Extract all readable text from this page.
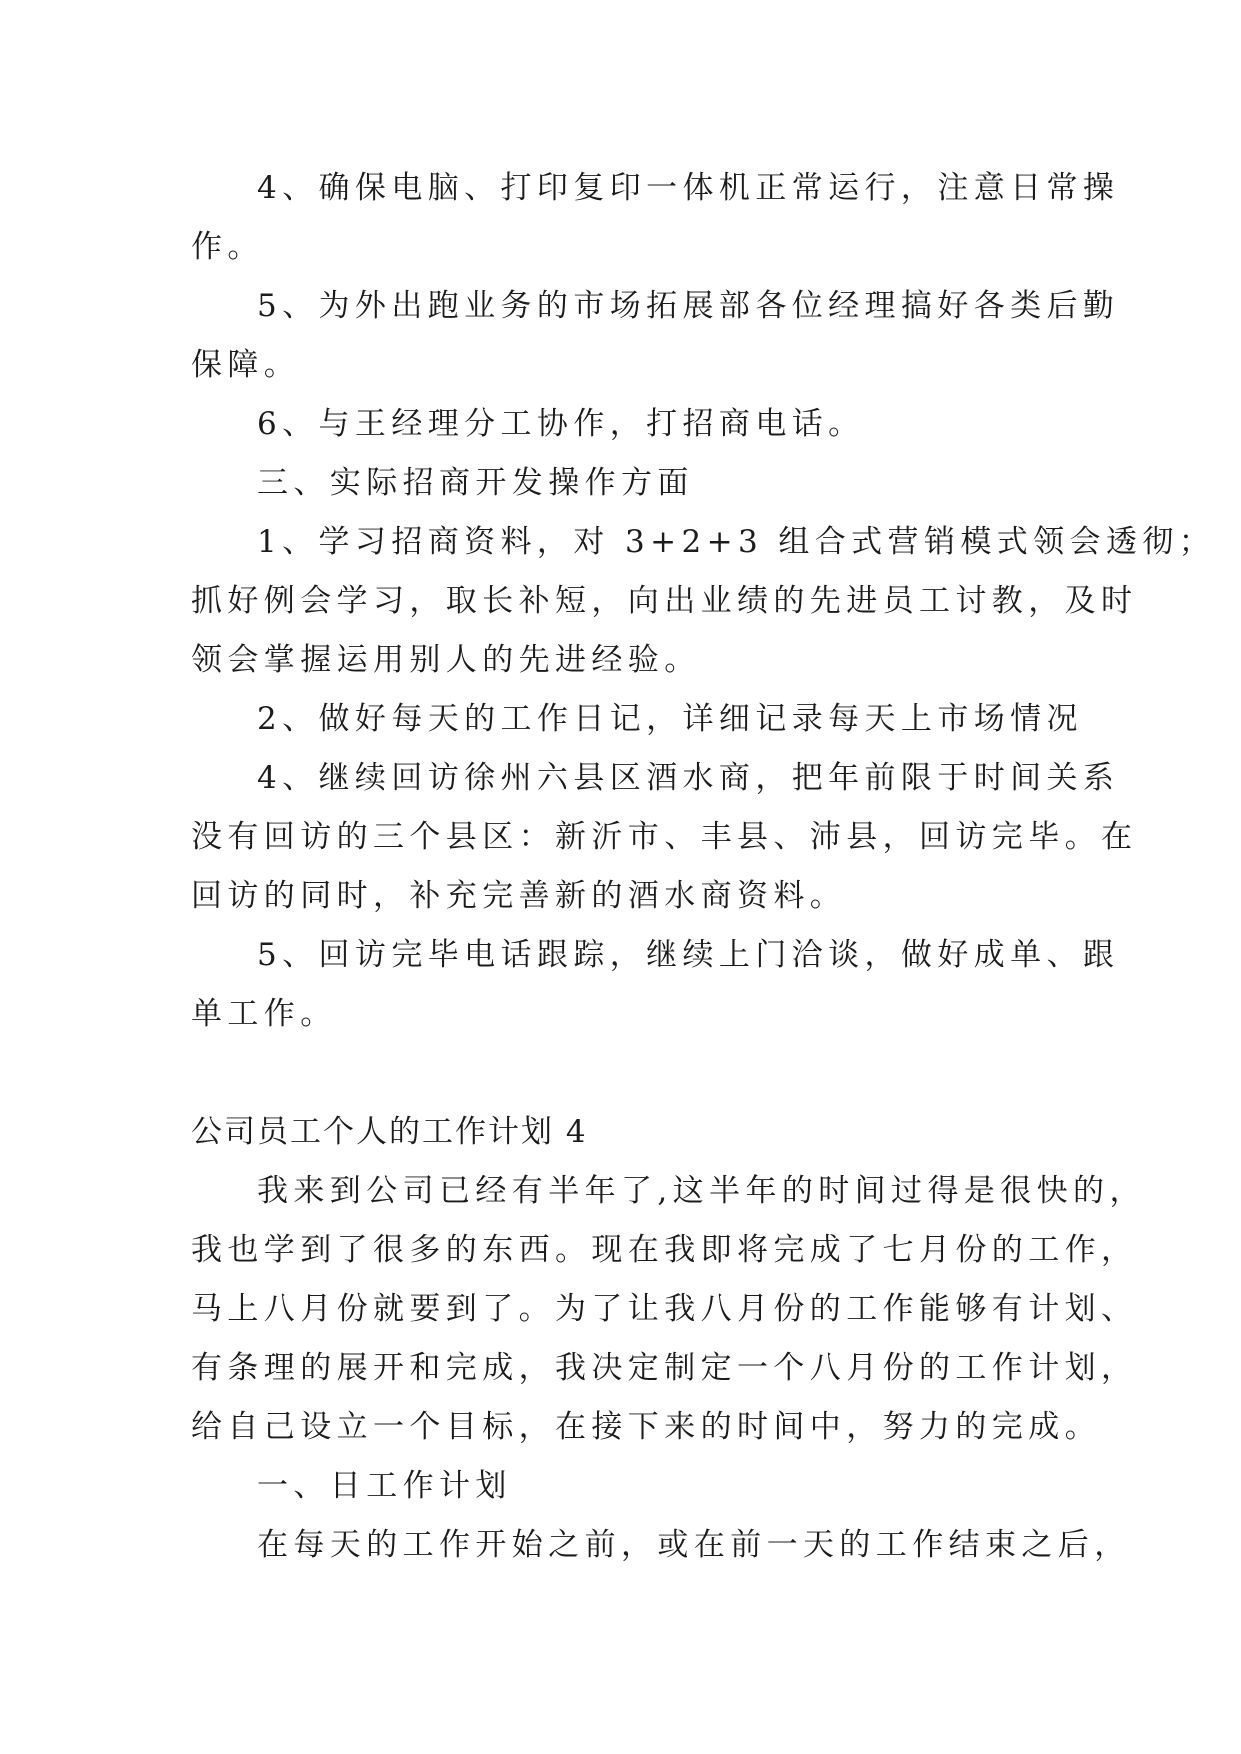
4、确保电脑、打印复印一体机正常运行，注意日常操
作。
5、为外出跑业务的市场拓展部各位经理搞好各类后勤
保障。
6、与王经理分工协作，打招商电话。
三、实际招商开发操作方面
1、学习招商资料，对 3+2+3 组合式营销模式领会透彻；
抓好例会学习，取长补短，向出业绩的先进员工讨教，及时
领会掌握运用别人的先进经验。
2、做好每天的工作日记，详细记录每天上市场情况
4、继续回访徐州六县区酒水商，把年前限于时间关系
没有回访的三个县区：新沂市、丰县、沛县，回访完毕。在
回访的同时，补充完善新的酒水商资料。
5、回访完毕电话跟踪，继续上门洽谈，做好成单、跟
单工作。
公司员工个人的工作计划 4
我来到公司已经有半年了,这半年的时间过得是很快的，
我也学到了很多的东西。现在我即将完成了七月份的工作，
马上八月份就要到了。为了让我八月份的工作能够有计划、
有条理的展开和完成，我决定制定一个八月份的工作计划，
给自己设立一个目标，在接下来的时间中，努力的完成。
一、日工作计划
在每天的工作开始之前，或在前一天的工作结束之后，
